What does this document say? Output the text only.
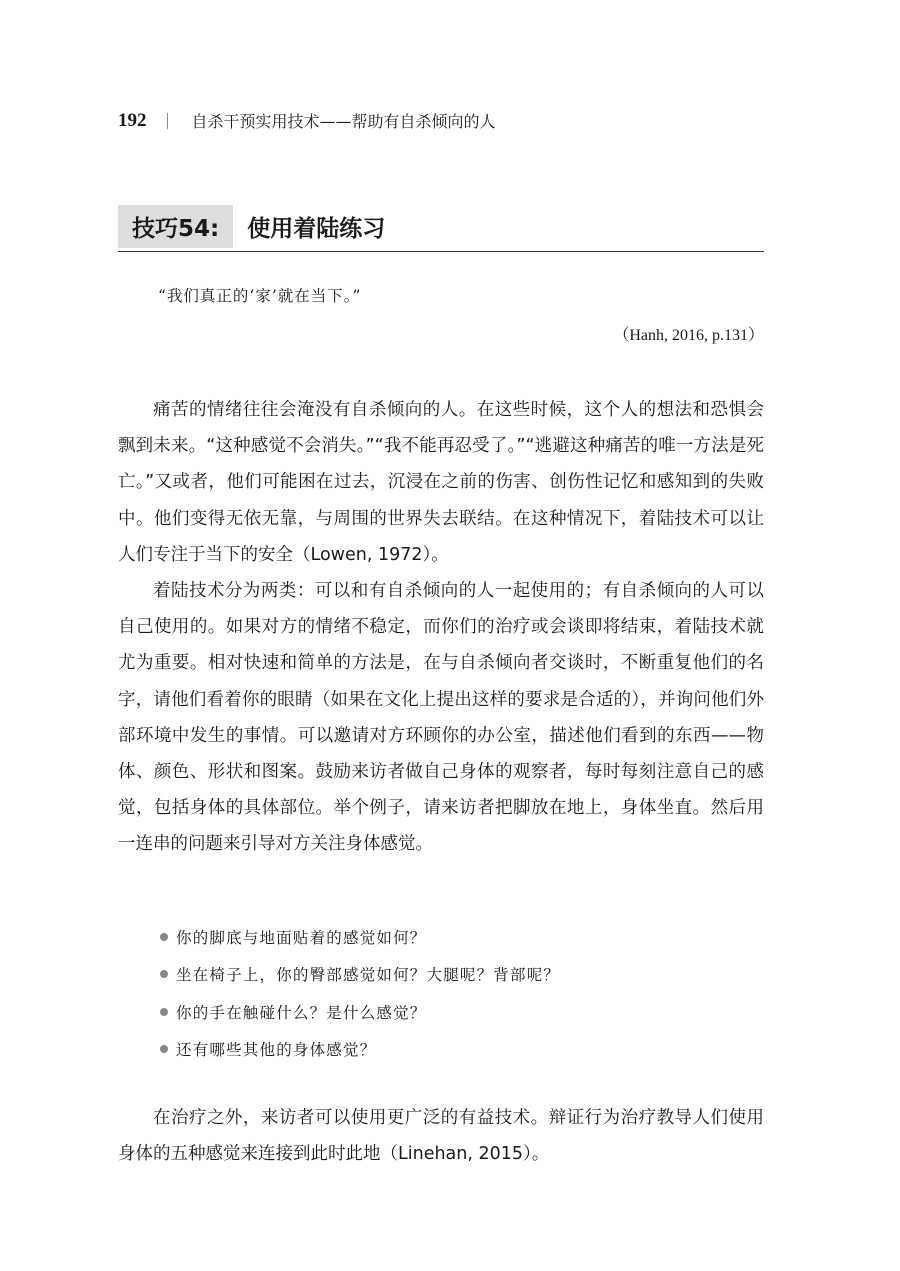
192	自杀干预实用技术——帮助有自杀倾向的人
技巧54:	使用着陆练习
“我们真正的‘家’就在当下。”
（Hanh, 2016, p.131）

痛苦的情绪往往会淹没有自杀倾向的人。在这些时候，这个人的想法和恐惧会飘到未来。“这种感觉不会消失。”“我不能再忍受了。”“逃避这种痛苦的唯一方法是死亡。”又或者，他们可能困在过去，沉浸在之前的伤害、创伤性记忆和感知到的失败中。他们变得无依无靠，与周围的世界失去联结。在这种情况下，着陆技术可以让人们专注于当下的安全（Lowen, 1972）。

着陆技术分为两类：可以和有自杀倾向的人一起使用的；有自杀倾向的人可以自己使用的。如果对方的情绪不稳定，而你们的治疗或会谈即将结束，着陆技术就尤为重要。相对快速和简单的方法是，在与自杀倾向者交谈时，不断重复他们的名字，请他们看着你的眼睛（如果在文化上提出这样的要求是合适的），并询问他们外部环境中发生的事情。可以邀请对方环顾你的办公室，描述他们看到的东西——物体、颜色、形状和图案。鼓励来访者做自己身体的观察者，每时每刻注意自己的感觉，包括身体的具体部位。举个例子，请来访者把脚放在地上，身体坐直。然后用一连串的问题来引导对方关注身体感觉。

你的脚底与地面贴着的感觉如何？
坐在椅子上，你的臀部感觉如何？大腿呢？背部呢？
你的手在触碰什么？是什么感觉？
还有哪些其他的身体感觉？

在治疗之外，来访者可以使用更广泛的有益技术。辩证行为治疗教导人们使用身体的五种感觉来连接到此时此地（Linehan, 2015）。
